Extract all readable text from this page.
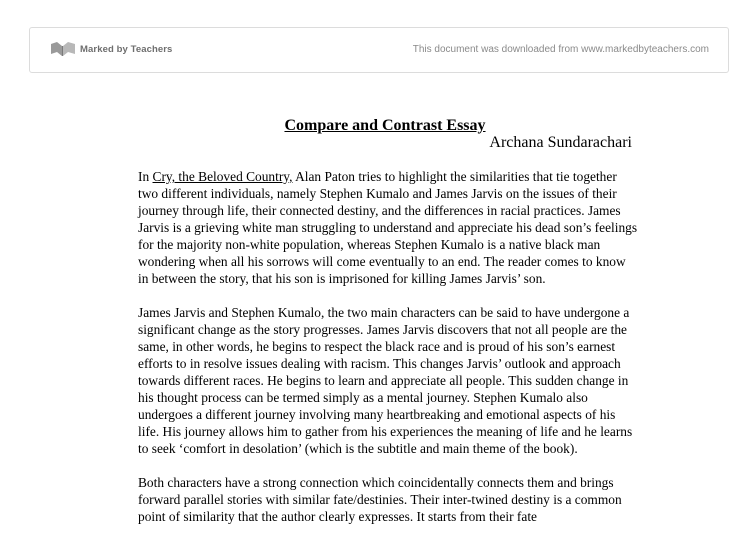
Marked by Teachers	This document was downloaded from www.markedbyteachers.com
Compare and Contrast Essay
Archana Sundarachari

In Cry, the Beloved Country, Alan Paton tries to highlight the similarities that tie together two different individuals, namely Stephen Kumalo and James Jarvis on the issues of their journey through life, their connected destiny, and the differences in racial practices. James Jarvis is a grieving white man struggling to understand and appreciate his dead son’s feelings for the majority non-white population, whereas Stephen Kumalo is a native black man wondering when all his sorrows will come eventually to an end. The reader comes to know in between the story, that his son is imprisoned for killing James Jarvis’ son.

James Jarvis and Stephen Kumalo, the two main characters can be said to have undergone a significant change as the story progresses. James Jarvis discovers that not all people are the same, in other words, he begins to respect the black race and is proud of his son’s earnest efforts to in resolve issues dealing with racism. This changes Jarvis’ outlook and approach towards different races. He begins to learn and appreciate all people. This sudden change in his thought process can be termed simply as a mental journey. Stephen Kumalo also undergoes a different journey involving many heartbreaking and emotional aspects of his life. His journey allows him to gather from his experiences the meaning of life and he learns to seek ‘comfort in desolation’ (which is the subtitle and main theme of the book).

Both characters have a strong connection which coincidentally connects them and brings forward parallel stories with similar fate/destinies. Their inter-twined destiny is a common point of similarity that the author clearly expresses. It starts from their fate
